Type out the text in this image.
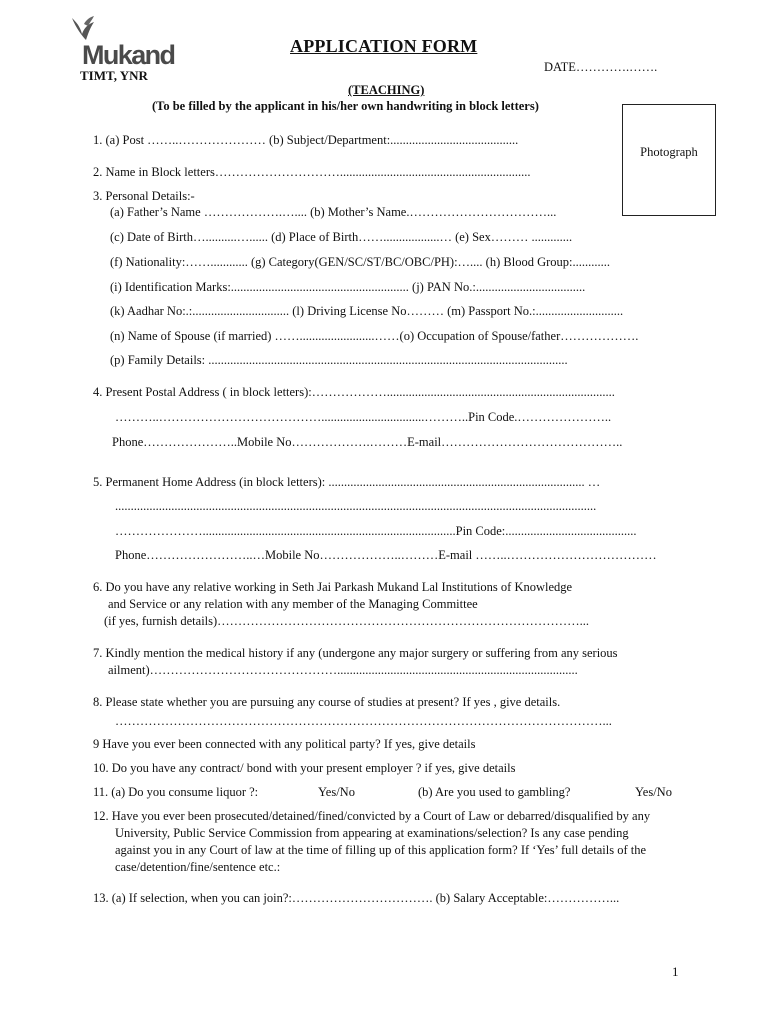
Mukand
TIMT, YNR
APPLICATION FORM
DATE………….…….
(TEACHING)
(To be filled by the applicant in his/her own handwriting in block letters)
Photograph
1. (a) Post ……..………………… (b) Subject/Department:.........................................
2. Name in Block letters………………………….............................................................
3. Personal Details:-
(a) Father’s Name ……………….….... (b) Mother’s Name.……………………………...
(c) Date of Birth…..........…...... (d) Place of Birth……..................… (e) Sex……… .............
(f) Nationality:……............ (g) Category(GEN/SC/ST/BC/OBC/PH):….... (h) Blood Group:............
(i) Identification Marks:......................................................... (j) PAN No.:...................................
(k) Aadhar No:.:............................... (l) Driving License No……… (m) Passport No.:............................
(n) Name of Spouse (if married) ……........................……(o) Occupation of Spouse/father……………….
(p) Family Details: ...................................................................................................................
4. Present Postal Address ( in block letters):……………….........................................................................
………..………………………………….................................………..Pin Code.…………………..
Phone…………………..Mobile No……………….………E-mail……………………………………..
5. Permanent Home Address (in block letters): .................................................................................. …
..........................................................................................................................................................
………………….................................................................................Pin Code:..........................................
Phone……………………..…Mobile No………………..………E-mail ……..………………………………
6. Do you have any relative working in Seth Jai Parkash Mukand Lal Institutions of Knowledge
and Service or any relation with any member of the Managing Committee
(if yes, furnish details)……………………………………………………………………………...
7. Kindly mention the medical history if any (undergone any major surgery or suffering from any serious
ailment)……………………………………….............................................................................
8. Please state whether you are pursuing any course of studies at present? If yes , give details.
………………………………………………………………………………………………………...
9 Have you ever been connected with any political party? If yes, give details
10. Do you have any contract/ bond with your present employer ? if yes, give details
11. (a) Do you consume liquor ?:	Yes/No	(b) Are you used to gambling?	Yes/No
12. Have you ever been prosecuted/detained/fined/convicted by a Court of Law or debarred/disqualified by any
University, Public Service Commission from appearing at examinations/selection? Is any case pending
against you in any Court of law at the time of filling up of this application form? If ‘Yes’ full details of the
case/detention/fine/sentence etc.:
13. (a) If selection, when you can join?:……………………………. (b) Salary Acceptable:……………...
1
